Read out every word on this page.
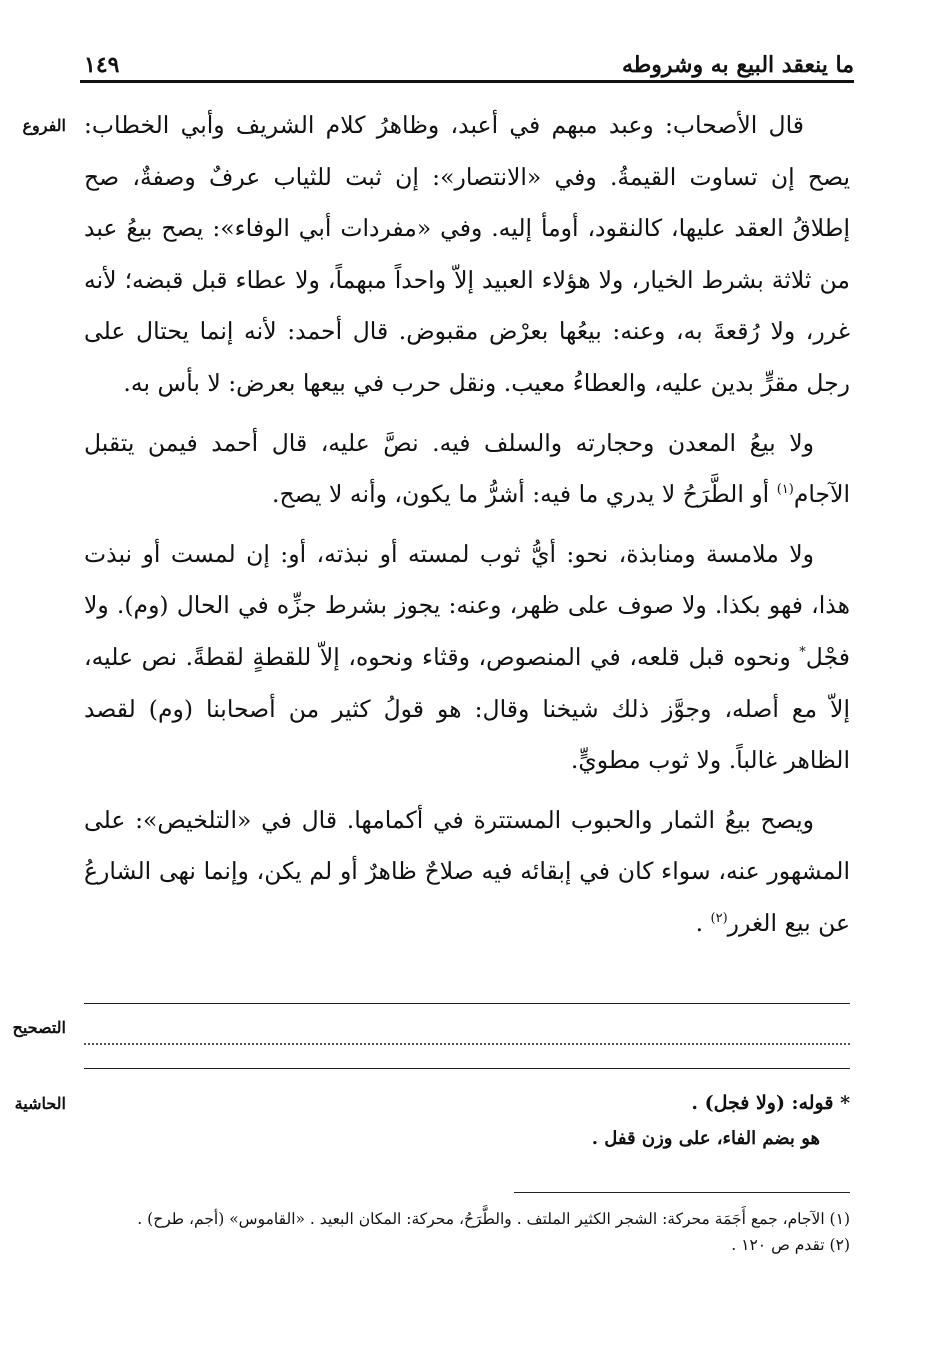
١٤٩	ما ينعقد البيع به وشروطه
الفروع
التصحيح
الحاشية

قال الأصحاب: وعبد مبهم في أعبد، وظاهرُ كلام الشريف وأبي الخطاب: يصح إن تساوت القيمةُ. وفي «الانتصار»: إن ثبت للثياب عرفٌ وصفةٌ، صح إطلاقُ العقد عليها، كالنقود، أومأ إليه. وفي «مفردات أبي الوفاء»: يصح بيعُ عبد من ثلاثة بشرط الخيار، ولا هؤلاء العبيد إلاّ واحداً مبهماً، ولا عطاء قبل قبضه؛ لأنه غرر، ولا رُقعةَ به، وعنه: بيعُها بعرْض مقبوض. قال أحمد: لأنه إنما يحتال على رجل مقرٍّ بدين عليه، والعطاءُ معيب. ونقل حرب في بيعها بعرض: لا بأس به.

ولا بيعُ المعدن وحجارته والسلف فيه. نصَّ عليه، قال أحمد فيمن يتقبل الآجام$^{(١)}$ أو الطَّرَحُ لا يدري ما فيه: أشرُّ ما يكون، وأنه لا يصح.

ولا ملامسة ومنابذة، نحو: أيُّ ثوب لمسته أو نبذته، أو: إن لمست أو نبذت هذا، فهو بكذا. ولا صوف على ظهر، وعنه: يجوز بشرط جزِّه في الحال (وم). ولا فجْل* ونحوه قبل قلعه، في المنصوص، وقثاء ونحوه، إلاّ للقطةٍ لقطةً. نص عليه، إلاّ مع أصله، وجوَّز ذلك شيخنا وقال: هو قولُ كثير من أصحابنا (وم) لقصد الظاهر غالباً. ولا ثوب مطويٍّ.

ويصح بيعُ الثمار والحبوب المستترة في أكمامها. قال في «التلخيص»: على المشهور عنه، سواء كان في إبقائه فيه صلاحٌ ظاهرٌ أو لم يكن، وإنما نهى الشارعُ عن بيع الغرر$^{(٢)}$ .

* قوله: (ولا فجل) .

هو بضم الفاء، على وزن قفل .

(١) الآجام، جمع أَجَمَة محركة: الشجر الكثير الملتف . والطَّرَحُ، محركة: المكان البعيد . «القاموس» (أجم، طرح) .

(٢) تقدم ص ١٢٠ .
